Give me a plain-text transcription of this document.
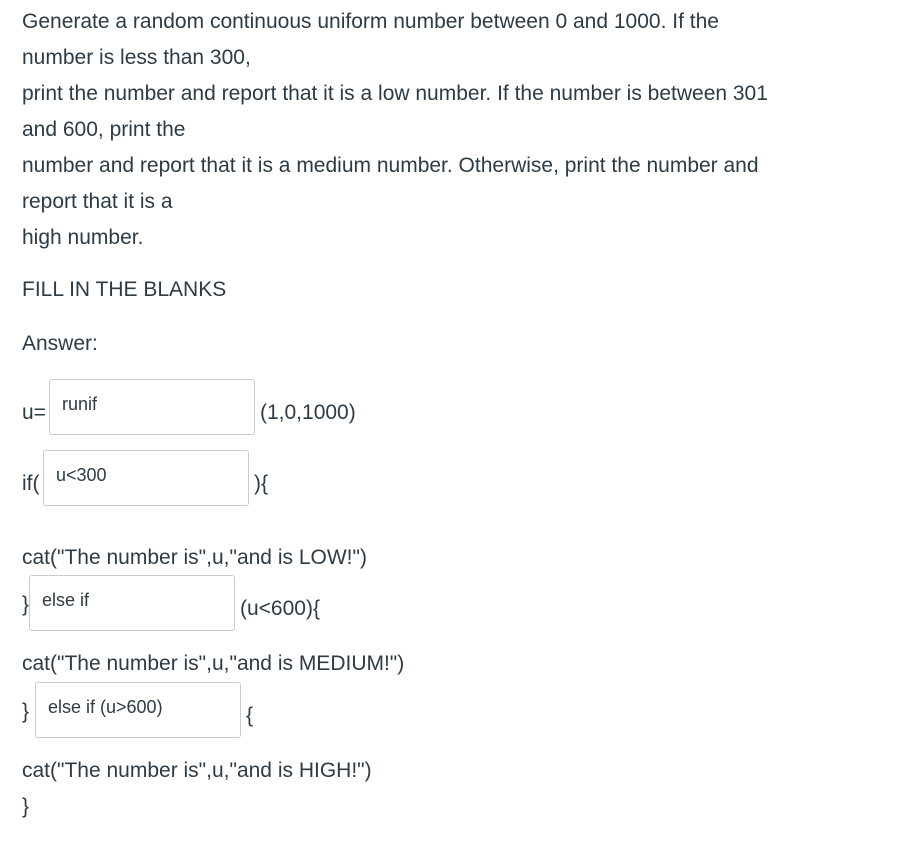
Generate a random continuous uniform number between 0 and 1000. If the

number is less than 300,

print the number and report that it is a low number. If the number is between 301

and 600, print the

number and report that it is a medium number. Otherwise, print the number and

report that it is a

high number.

FILL IN THE BLANKS
Answer:
u= runif	(1,0,1000)
if( u<300	){
cat("The number is",u,"and is LOW!")
} else if	(u<600){
cat("The number is",u,"and is MEDIUM!")
}	else if (u>600)	{
cat("The number is",u,"and is HIGH!")
}
